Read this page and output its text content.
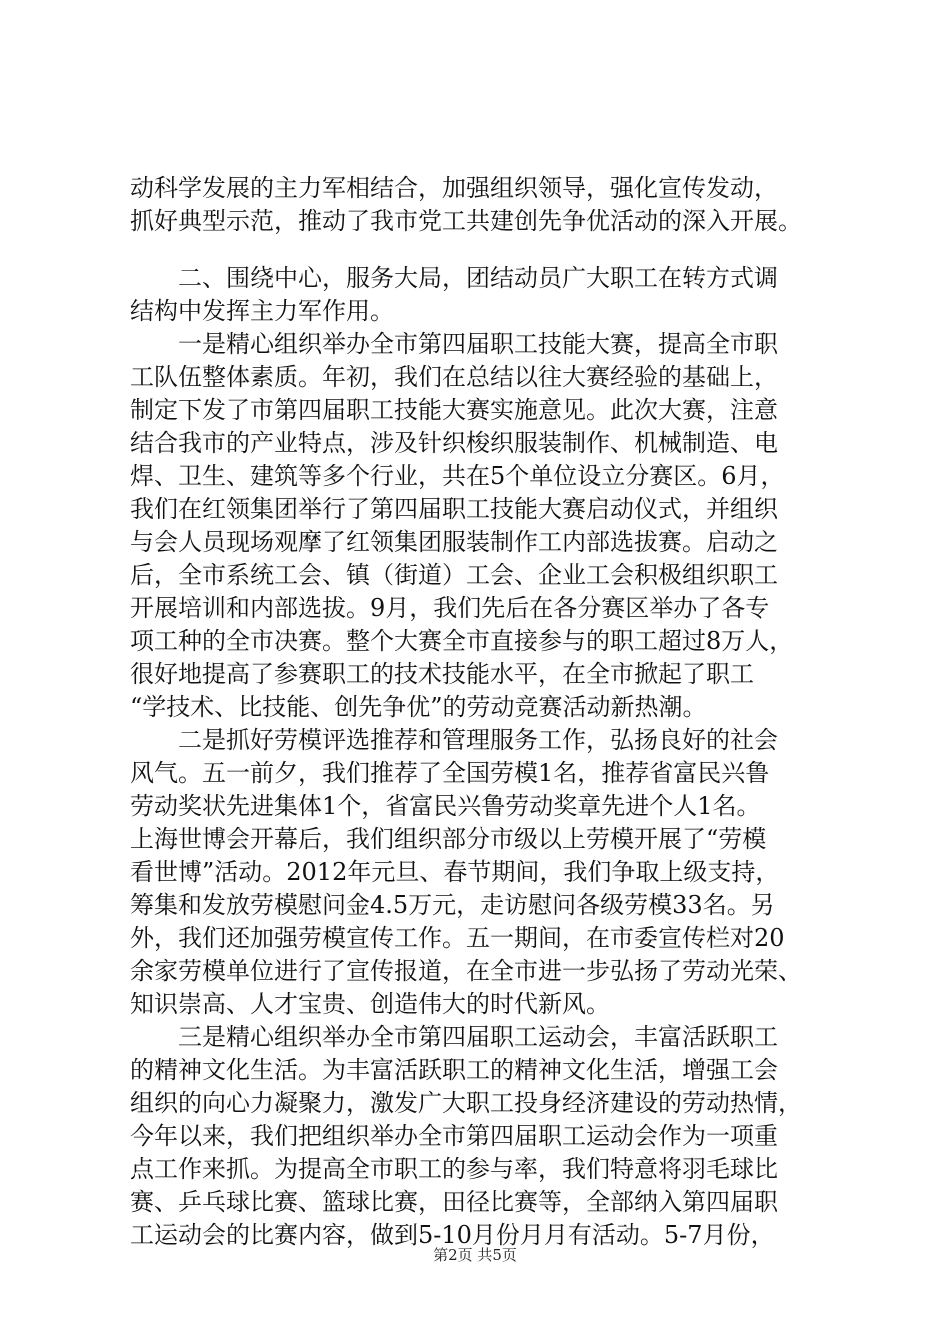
动科学发展的主力军相结合，加强组织领导，强化宣传发动，
抓好典型示范，推动了我市党工共建创先争优活动的深入开展。
　　二、围绕中心，服务大局，团结动员广大职工在转方式调
结构中发挥主力军作用。
　　一是精心组织举办全市第四届职工技能大赛，提高全市职
工队伍整体素质。年初，我们在总结以往大赛经验的基础上，
制定下发了市第四届职工技能大赛实施意见。此次大赛，注意
结合我市的产业特点，涉及针织梭织服装制作、机械制造、电
焊、卫生、建筑等多个行业，共在5个单位设立分赛区。6月，
我们在红领集团举行了第四届职工技能大赛启动仪式，并组织
与会人员现场观摩了红领集团服装制作工内部选拔赛。启动之
后，全市系统工会、镇（街道）工会、企业工会积极组织职工
开展培训和内部选拔。9月，我们先后在各分赛区举办了各专
项工种的全市决赛。整个大赛全市直接参与的职工超过8万人，
很好地提高了参赛职工的技术技能水平，在全市掀起了职工
“学技术、比技能、创先争优”的劳动竞赛活动新热潮。
　　二是抓好劳模评选推荐和管理服务工作，弘扬良好的社会
风气。五一前夕，我们推荐了全国劳模1名，推荐省富民兴鲁
劳动奖状先进集体1个，省富民兴鲁劳动奖章先进个人1名。
上海世博会开幕后，我们组织部分市级以上劳模开展了“劳模
看世博”活动。2012年元旦、春节期间，我们争取上级支持，
筹集和发放劳模慰问金4.5万元，走访慰问各级劳模33名。另
外，我们还加强劳模宣传工作。五一期间，在市委宣传栏对20
余家劳模单位进行了宣传报道，在全市进一步弘扬了劳动光荣、
知识崇高、人才宝贵、创造伟大的时代新风。
　　三是精心组织举办全市第四届职工运动会，丰富活跃职工
的精神文化生活。为丰富活跃职工的精神文化生活，增强工会
组织的向心力凝聚力，激发广大职工投身经济建设的劳动热情，
今年以来，我们把组织举办全市第四届职工运动会作为一项重
点工作来抓。为提高全市职工的参与率，我们特意将羽毛球比
赛、乒乓球比赛、篮球比赛，田径比赛等，全部纳入第四届职
工运动会的比赛内容，做到5-10月份月月有活动。5-7月份，
第2页 共5页
